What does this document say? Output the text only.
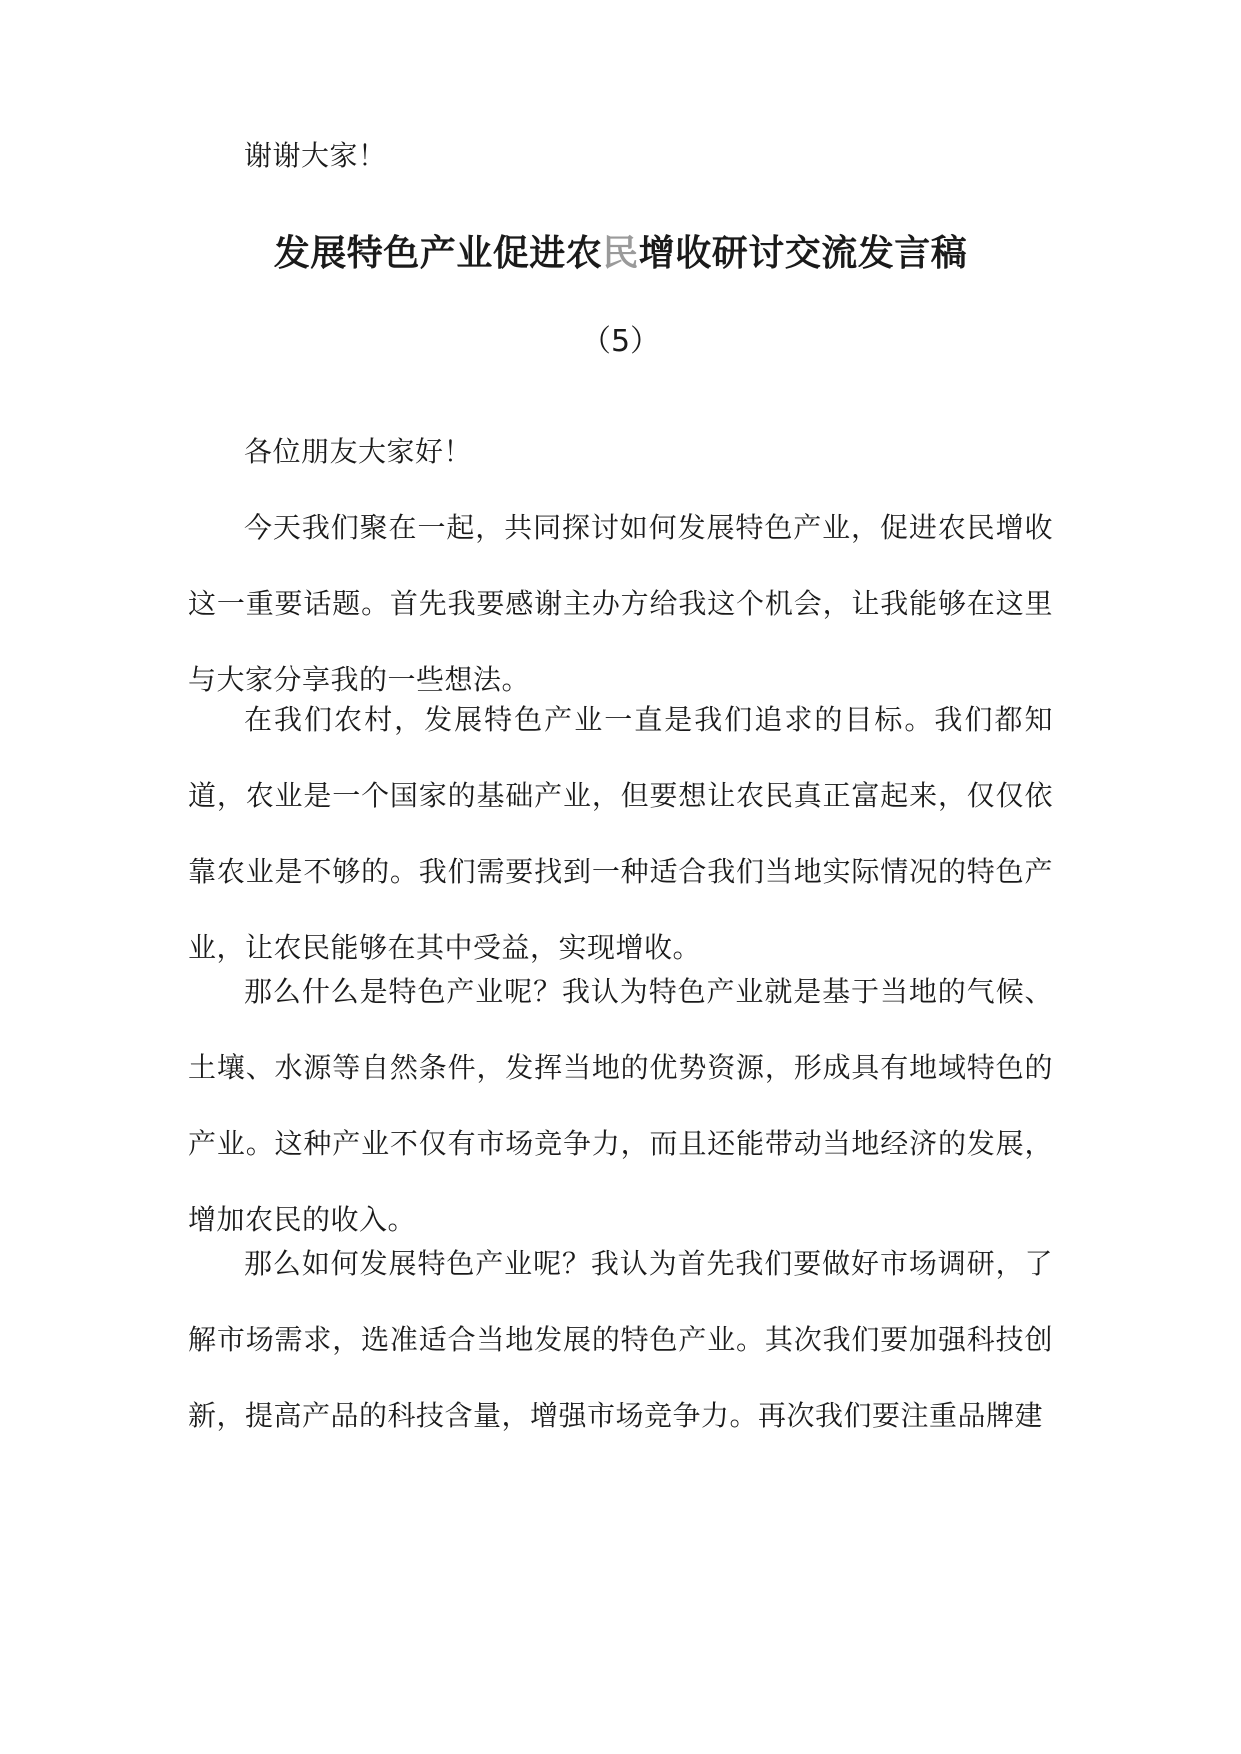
谢谢大家！

发展特色产业促进农民增收研讨交流发言稿

（5）

各位朋友大家好！

今天我们聚在一起，共同探讨如何发展特色产业，促进农民增收这一重要话题。首先我要感谢主办方给我这个机会，让我能够在这里与大家分享我的一些想法。

在我们农村，发展特色产业一直是我们追求的目标。我们都知道，农业是一个国家的基础产业，但要想让农民真正富起来，仅仅依靠农业是不够的。我们需要找到一种适合我们当地实际情况的特色产业，让农民能够在其中受益，实现增收。

那么什么是特色产业呢？我认为特色产业就是基于当地的气候、土壤、水源等自然条件，发挥当地的优势资源，形成具有地域特色的产业。这种产业不仅有市场竞争力，而且还能带动当地经济的发展，增加农民的收入。

那么如何发展特色产业呢？我认为首先我们要做好市场调研，了解市场需求，选准适合当地发展的特色产业。其次我们要加强科技创新，提高产品的科技含量，增强市场竞争力。再次我们要注重品牌建
